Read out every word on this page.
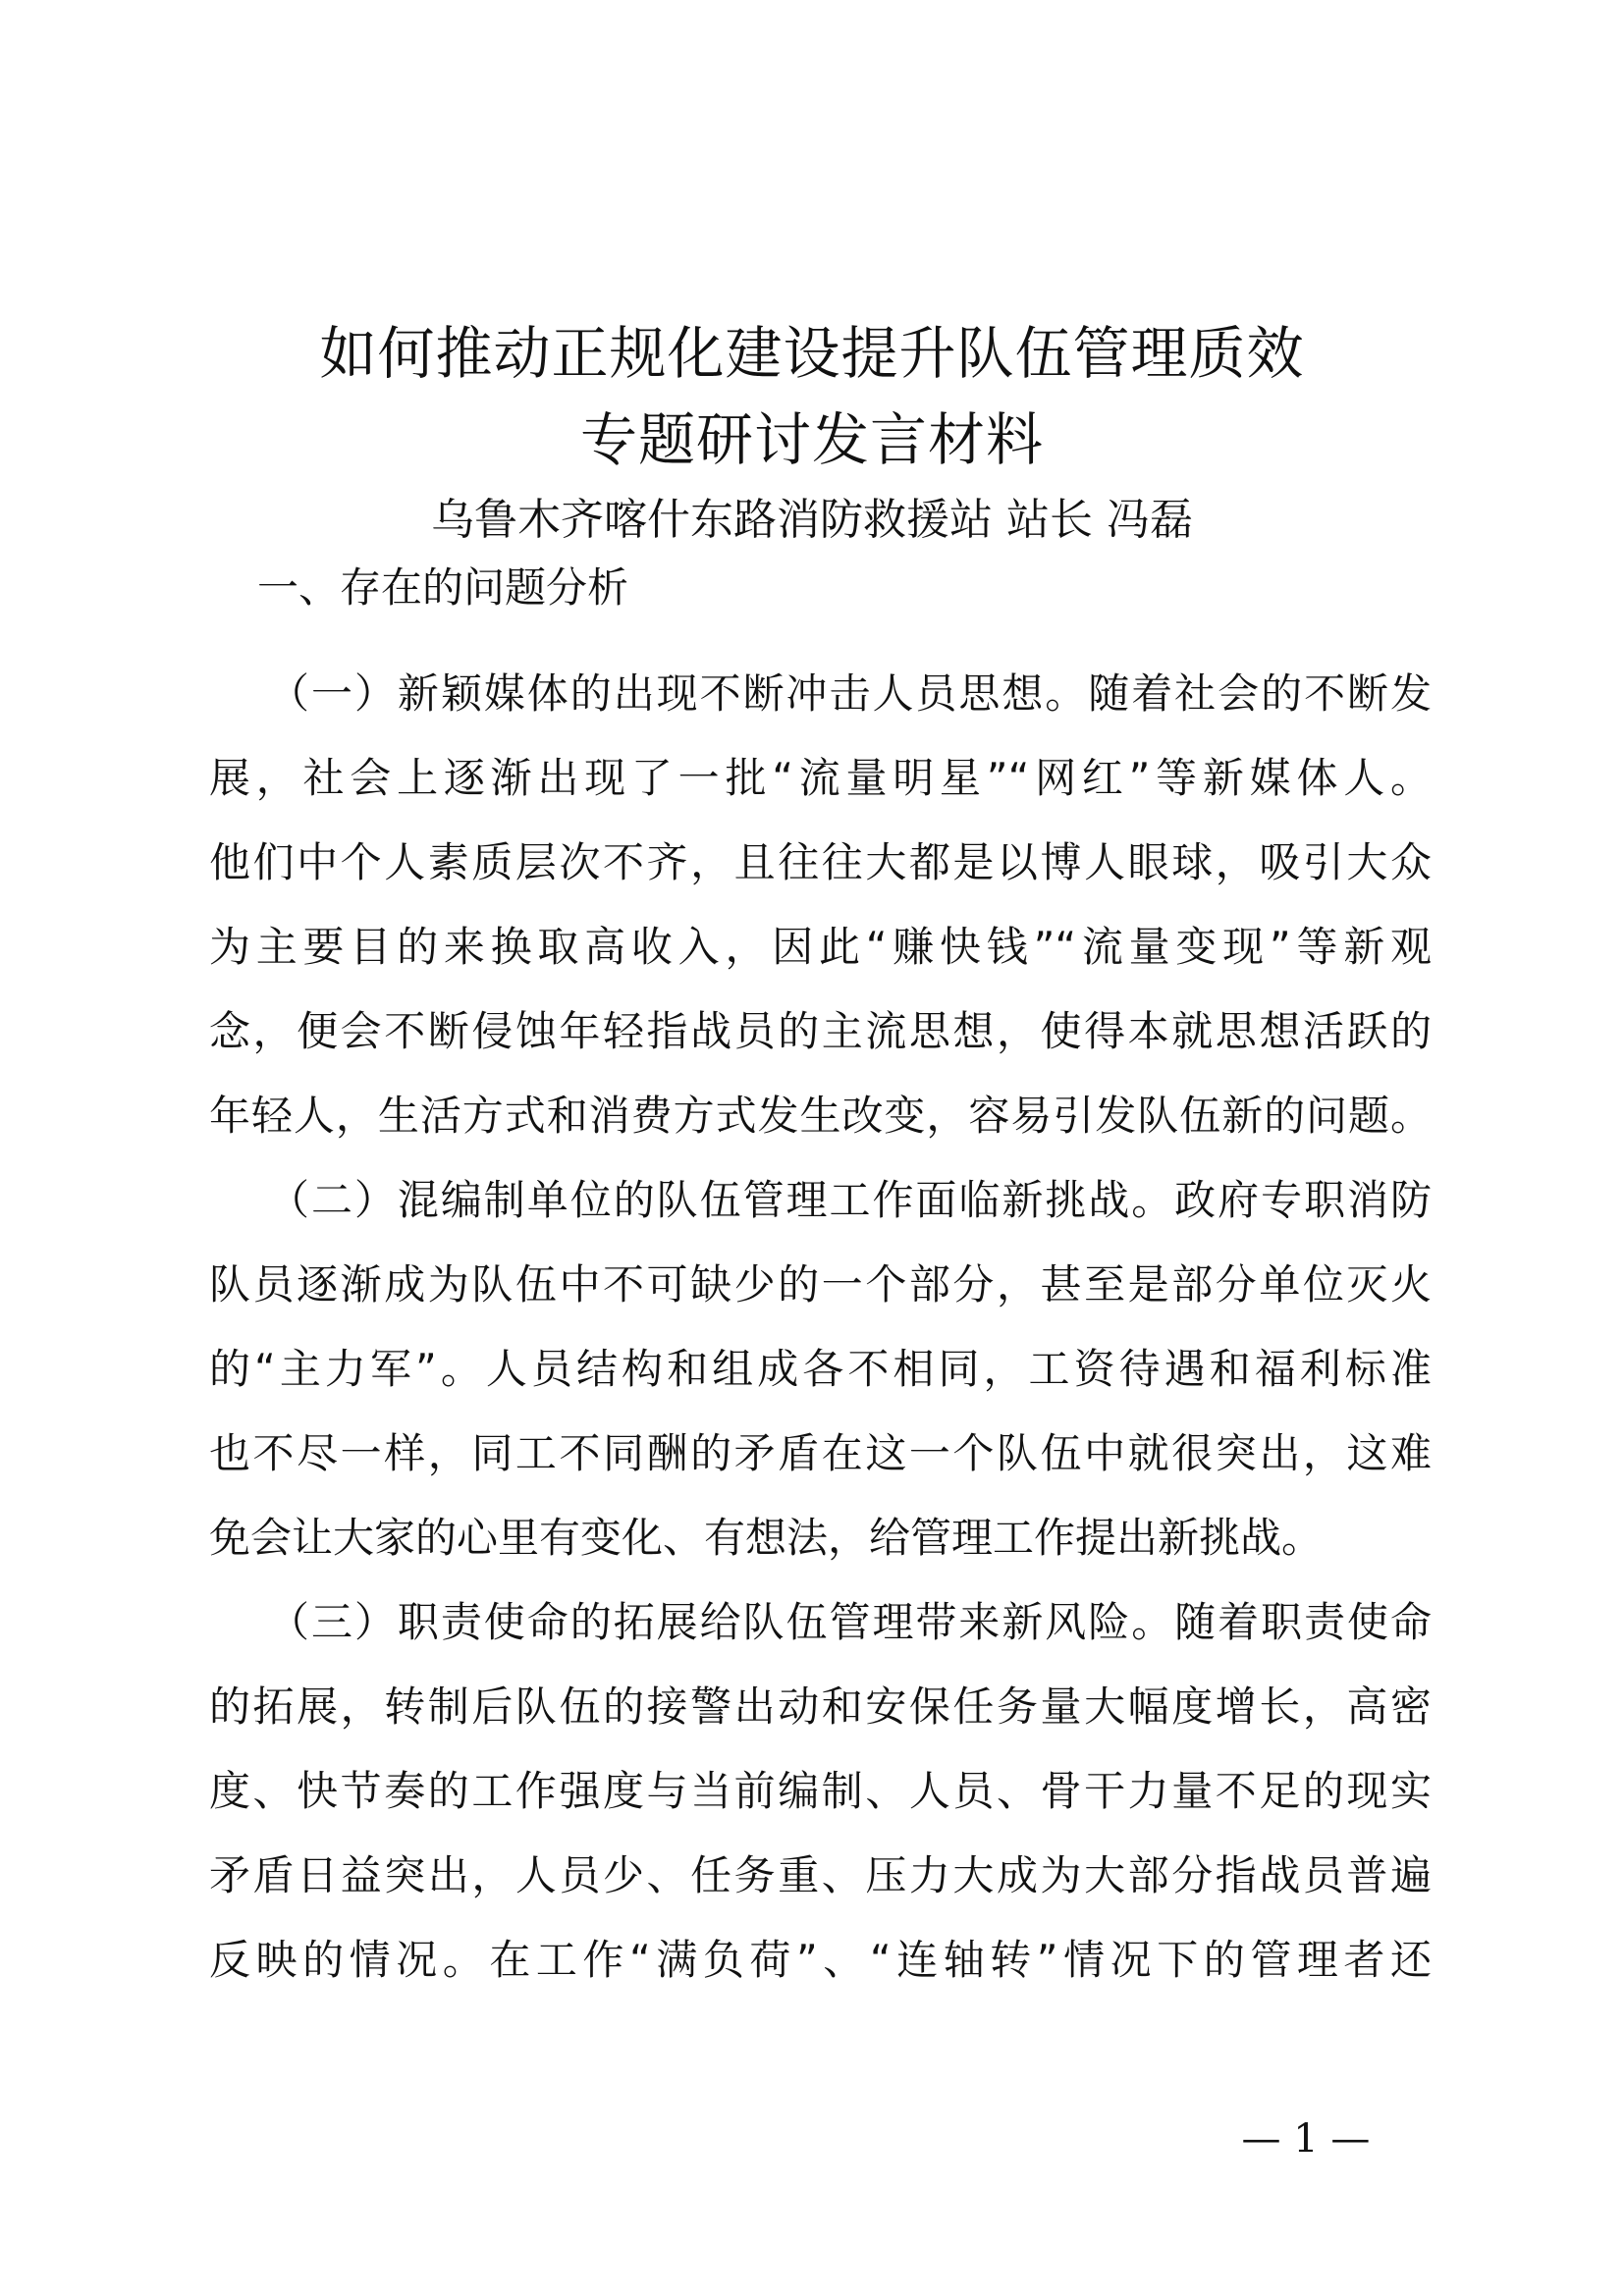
如何推动正规化建设提升队伍管理质效
专题研讨发言材料
乌鲁木齐喀什东路消防救援站 站长 冯磊
一、存在的问题分析
（一）新颖媒体的出现不断冲击人员思想。随着社会的不断发
展，社会上逐渐出现了一批“流量明星”“网红”等新媒体人。
他们中个人素质层次不齐，且往往大都是以博人眼球，吸引大众
为主要目的来换取高收入，因此“赚快钱”“流量变现”等新观
念，便会不断侵蚀年轻指战员的主流思想，使得本就思想活跃的
年轻人，生活方式和消费方式发生改变，容易引发队伍新的问题。
（二）混编制单位的队伍管理工作面临新挑战。政府专职消防
队员逐渐成为队伍中不可缺少的一个部分，甚至是部分单位灭火
的“主力军”。人员结构和组成各不相同，工资待遇和福利标准
也不尽一样，同工不同酬的矛盾在这一个队伍中就很突出，这难
免会让大家的心里有变化、有想法，给管理工作提出新挑战。
（三）职责使命的拓展给队伍管理带来新风险。随着职责使命
的拓展，转制后队伍的接警出动和安保任务量大幅度增长，高密
度、快节奏的工作强度与当前编制、人员、骨干力量不足的现实
矛盾日益突出，人员少、任务重、压力大成为大部分指战员普遍
反映的情况。在工作“满负荷”、“连轴转”情况下的管理者还
— 1 —
